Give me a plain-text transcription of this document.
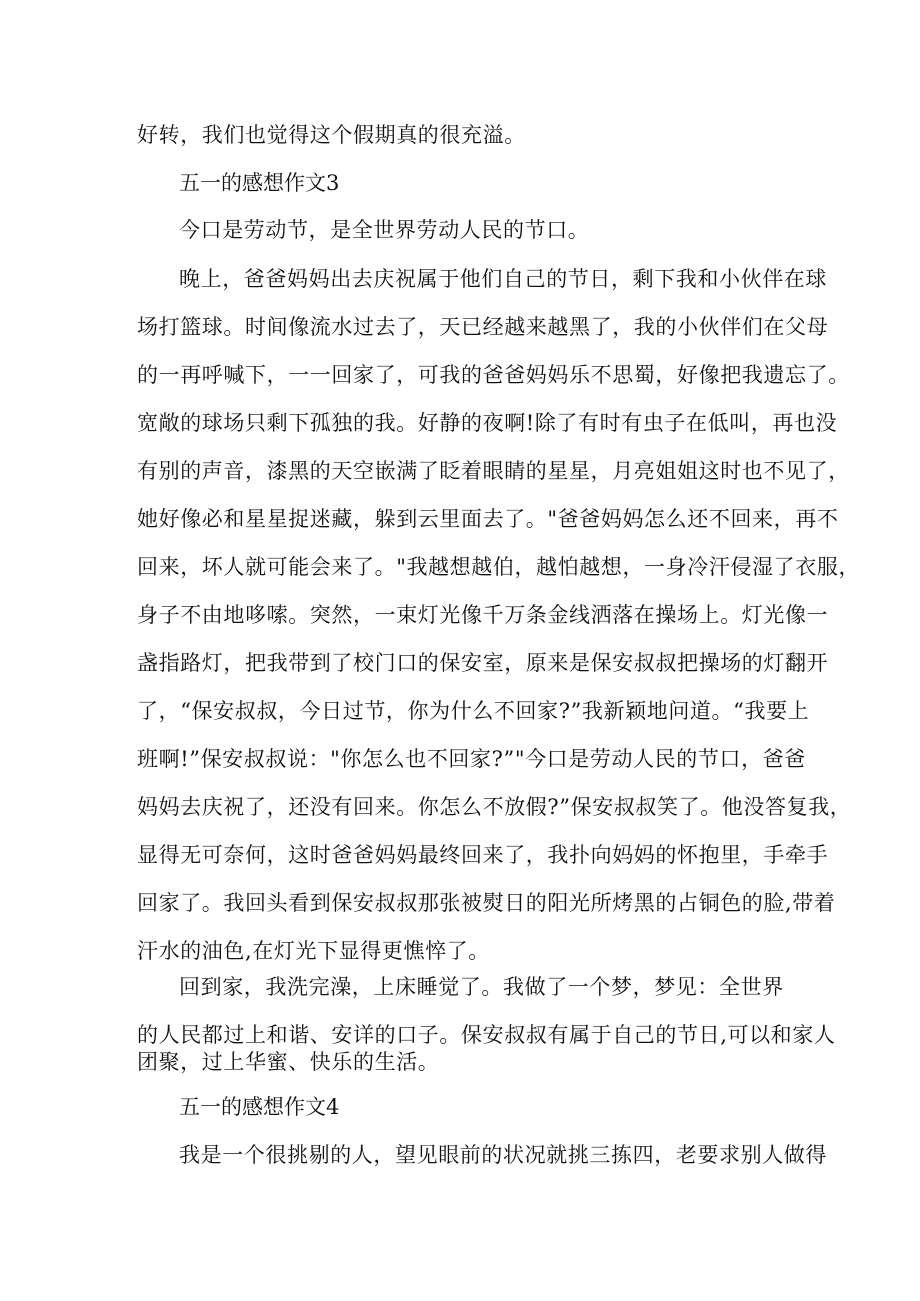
好转，我们也觉得这个假期真的很充溢。
五一的感想作文3
今口是劳动节，是全世界劳动人民的节口。
晚上，爸爸妈妈出去庆祝属于他们自己的节日，剩下我和小伙伴在球
场打篮球。时间像流水过去了，天已经越来越黑了，我的小伙伴们在父母
的一再呼喊下，一一回家了，可我的爸爸妈妈乐不思蜀，好像把我遗忘了。
宽敞的球场只剩下孤独的我。好静的夜啊!除了有时有虫子在低叫，再也没
有别的声音，漆黑的天空嵌满了眨着眼睛的星星，月亮姐姐这时也不见了，
她好像必和星星捉迷藏，躲到云里面去了。"爸爸妈妈怎么还不回来，再不
回来，坏人就可能会来了。"我越想越伯，越怕越想，一身冷汗侵湿了衣服，
身子不由地哆嗦。突然，一束灯光像千万条金线洒落在操场上。灯光像一
盏指路灯，把我带到了校门口的保安室，原来是保安叔叔把操场的灯翻开
了，“保安叔叔，今日过节，你为什么不回家?”我新颖地问道。“我要上
班啊!”保安叔叔说："你怎么也不回家?”"今口是劳动人民的节口，爸爸
妈妈去庆祝了，还没有回来。你怎么不放假?”保安叔叔笑了。他没答复我，
显得无可奈何，这时爸爸妈妈最终回来了，我扑向妈妈的怀抱里，手牵手
回家了。我回头看到保安叔叔那张被熨日的阳光所烤黑的占铜色的脸,带着
汗水的油色,在灯光下显得更憔悴了。
回到家，我洗完澡，上床睡觉了。我做了一个梦，梦见：全世界
的人民都过上和谐、安详的口子。保安叔叔有属于自己的节日,可以和家人
团聚，过上华蜜、快乐的生活。
五一的感想作文4
我是一个很挑剔的人，望见眼前的状况就挑三拣四，老要求别人做得
